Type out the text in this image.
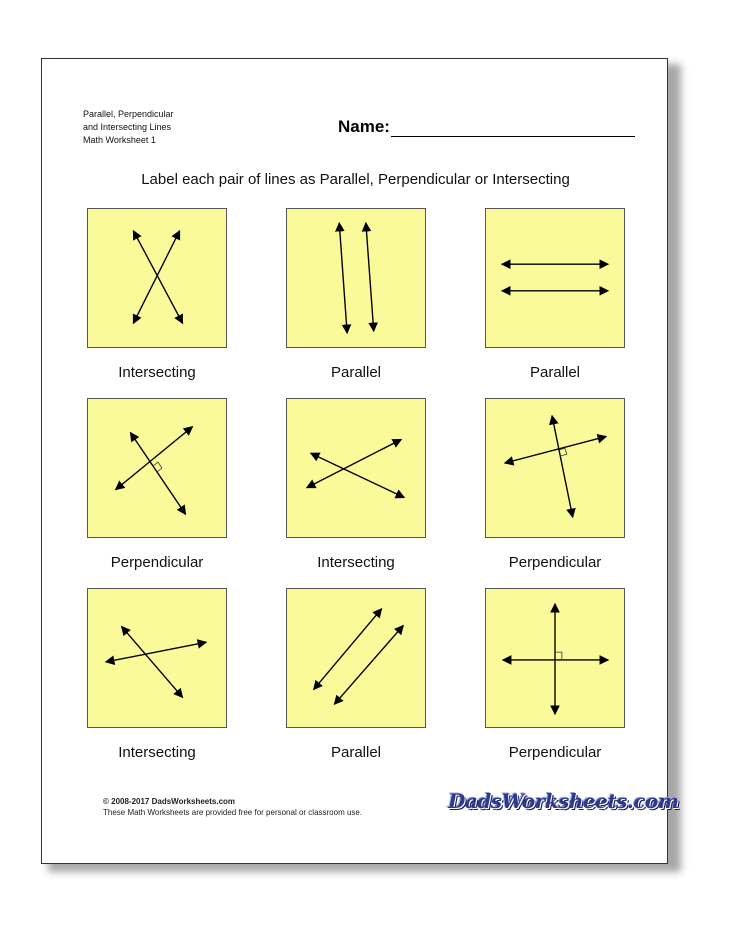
Parallel, Perpendicular
and Intersecting Lines
Math Worksheet 1
Name:
Label each pair of lines as Parallel, Perpendicular or Intersecting
Intersecting	Parallel	Parallel
Perpendicular	Intersecting	Perpendicular
Intersecting	Parallel	Perpendicular
© 2008-2017 DadsWorksheets.com
These Math Worksheets are provided free for personal or classroom use.	DadsWorksheets.com
